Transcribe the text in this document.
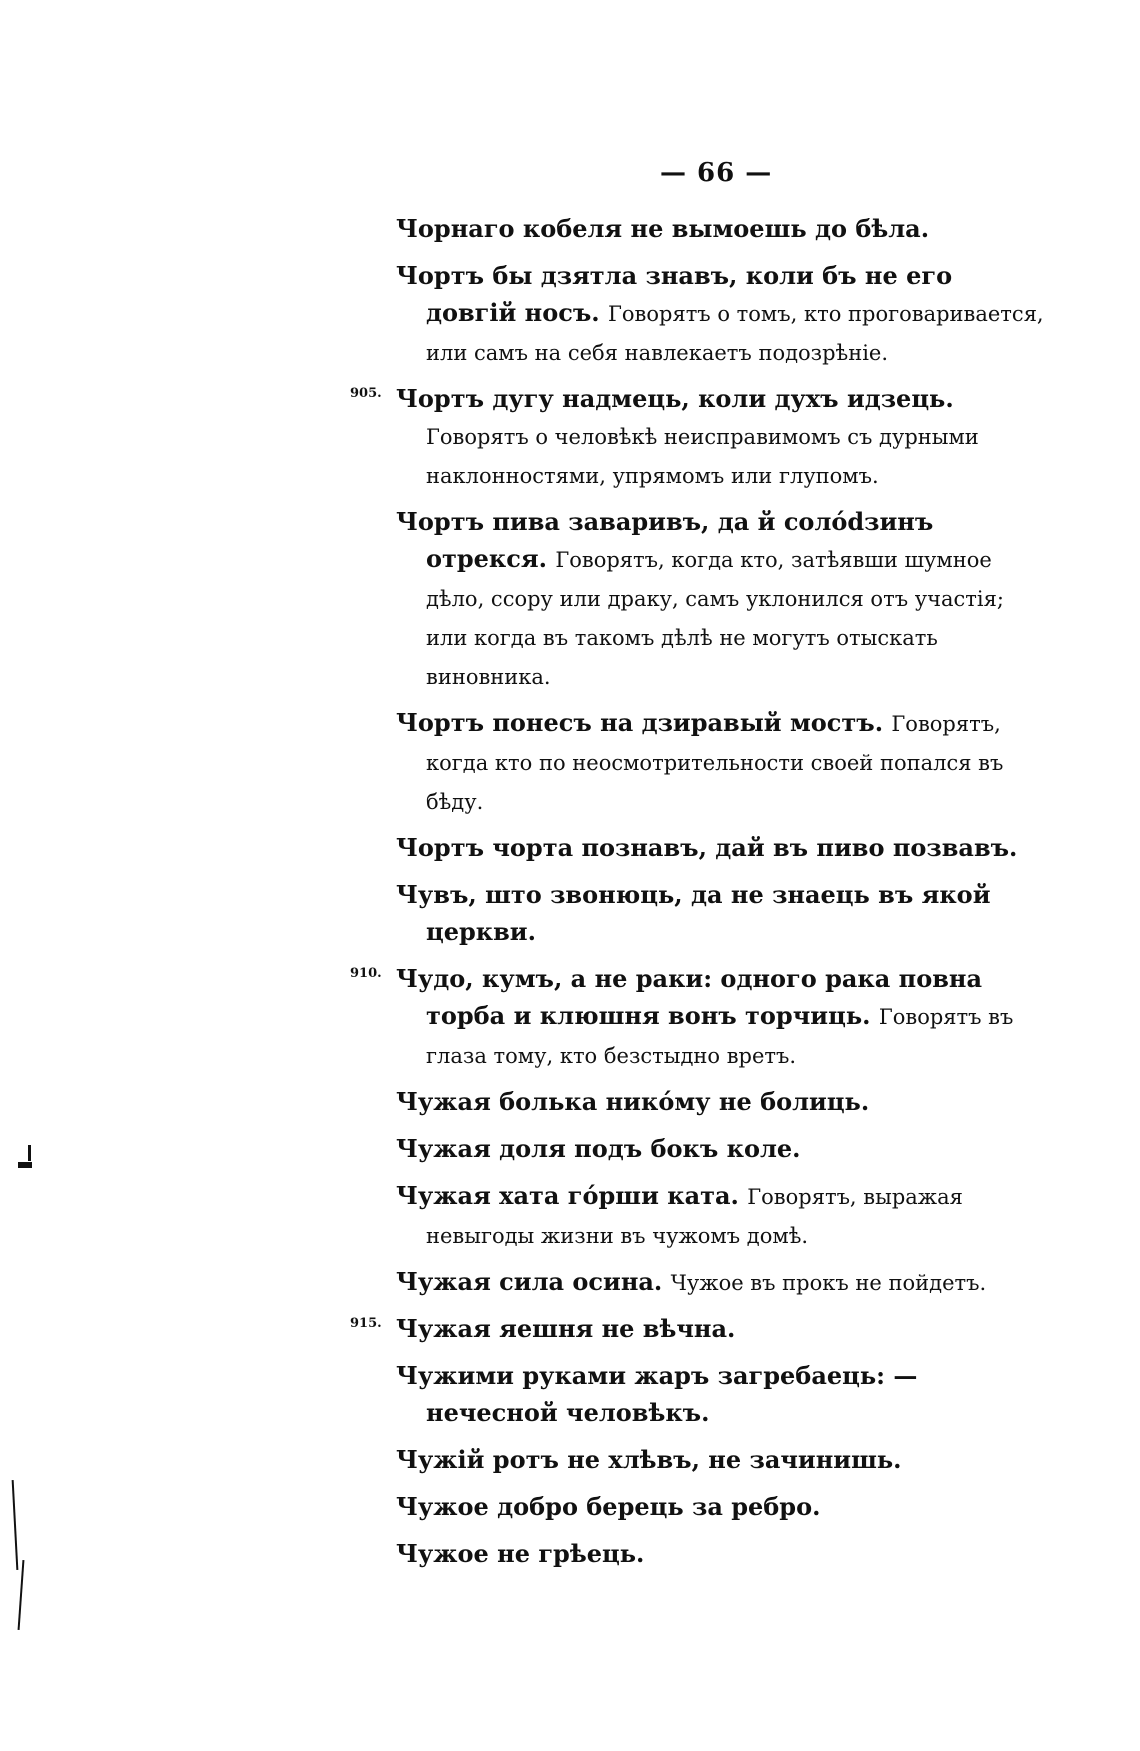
— 66 —
Чорнаго кобеля не вымоешь до бѣла.
Чортъ бы дзятла знавъ, коли бъ не его довгій носъ. Говорятъ о томъ, кто проговаривается, или самъ на себя навлекаетъ подозрѣніе.
905. Чортъ дугу надмець, коли духъ идзець. Говорятъ о человѣкѣ неисправимомъ съ дурными наклонностями, упрямомъ или глупомъ.
Чортъ пива заваривъ, да й солódзинъ отрекся. Говорятъ, когда кто, затѣявши шумное дѣло, ссору или драку, самъ уклонился отъ участія; или когда въ такомъ дѣлѣ не могутъ отыскать виновника.
Чортъ понесъ на дзиравый мостъ. Говорятъ, когда кто по неосмотрительности своей попался въ бѣду.
Чортъ чорта познавъ, дай въ пиво позвавъ.
Чувъ, што звонюць, да не знаець въ якой церкви.
910. Чудо, кумъ, а не раки: одного рака повна торба и клюшня вонъ торчиць. Говорятъ въ глаза тому, кто безстыдно вретъ.
Чужая болька никóму не болиць.
Чужая доля подъ бокъ коле.
Чужая хата гóрши ката. Говорятъ, выражая невыгоды жизни въ чужомъ домѣ.
Чужая сила осина. Чужое въ прокъ не пойдетъ.
915. Чужая яешня не вѣчна.
Чужими руками жаръ загребаець: — нечесной человѣкъ.
Чужій ротъ не хлѣвъ, не зачинишь.
Чужое добро берець за ребро.
Чужое не грѣець.
